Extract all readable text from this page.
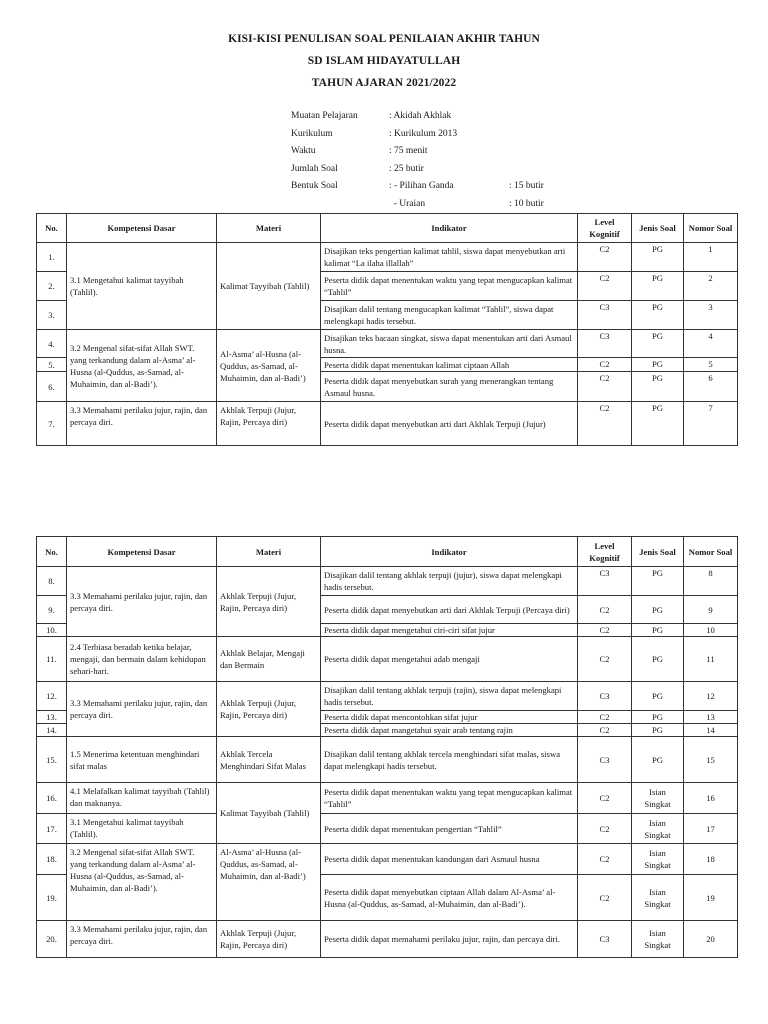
KISI-KISI PENULISAN SOAL PENILAIAN AKHIR TAHUN
SD ISLAM HIDAYATULLAH
TAHUN AJARAN 2021/2022
Muatan Pelajaran	: Akidah Akhlak
Kurikulum	: Kurikulum 2013
Waktu	: 75 menit
Jumlah Soal	: 25 butir
Bentuk Soal	: - Pilihan Ganda	: 15 butir
- Uraian	: 10 butir
No.	Kompetensi Dasar	Materi	Indikator	Level Kognitif	Jenis Soal	Nomor Soal
1.	3.1 Mengetahui kalimat tayyibah (Tahlil).	Kalimat Tayyibah (Tahlil)	Disajikan teks pengertian kalimat tahlil, siswa dapat menyebutkan arti kalimat “La ilaha illallah”	C2	PG	1
2.			Peserta didik dapat menentukan waktu yang tepat mengucapkan kalimat “Tahlil”	C2	PG	2
3.			Disajikan dalil tentang mengucapkan kalimat “Tahlil”, siswa dapat melengkapi hadis tersebut.	C3	PG	3
4.	3.2 Mengenal sifat-sifat Allah SWT. yang terkandung dalam al-Asma’ al-Husna (al-Quddus, as-Samad, al-Muhaimin, dan al-Badi’).	Al-Asma’ al-Husna (al-Quddus, as-Samad, al-Muhaimin, dan al-Badi’)	Disajikan teks bacaan singkat, siswa dapat menentukan arti dari Asmaul husna.	C3	PG	4
5.			Peserta didik dapat menentukan kalimat ciptaan Allah	C2	PG	5
6.			Peserta didik dapat menyebutkan surah yang menerangkan tentang Asmaul husna.	C2	PG	6
7.	3.3 Memahami perilaku jujur, rajin, dan percaya diri.	Akhlak Terpuji (Jujur, Rajin, Percaya diri)	Peserta didik dapat menyebutkan arti dari Akhlak Terpuji (Jujur)	C2	PG	7
No.	Kompetensi Dasar	Materi	Indikator	Level Kognitif	Jenis Soal	Nomor Soal
8.	3.3 Memahami perilaku jujur, rajin, dan percaya diri.	Akhlak Terpuji (Jujur, Rajin, Percaya diri)	Disajikan dalil tentang akhlak terpuji (jujur), siswa dapat melengkapi hadis tersebut.	C3	PG	8
9.			Peserta didik dapat menyebutkan arti dari Akhlak Terpuji (Percaya diri)	C2	PG	9
10.			Peserta didik dapat mengetahui ciri-ciri sifat jujur	C2	PG	10
11.	2.4 Terbiasa beradab ketika belajar, mengaji, dan bermain dalam kehidupan sehari-hari.	Akhlak Belajar, Mengaji dan Bermain	Peserta didik dapat mengetahui adab mengaji	C2	PG	11
12.	3.3 Memahami perilaku jujur, rajin, dan percaya diri.	Akhlak Terpuji (Jujur, Rajin, Percaya diri)	Disajikan dalil tentang akhlak terpuji (rajin), siswa dapat melengkapi hadis tersebut.	C3	PG	12
13.			Peserta didik dapat mencontohkan sifat jujur	C2	PG	13
14.			Peserta didik dapat mangetahui syair arab tentang rajin	C2	PG	14
15.	1.5 Menerima ketentuan menghindari sifat malas	Akhlak Tercela Menghindari Sifat Malas	Disajikan dalil tentang akhlak tercela menghindari sifat malas, siswa dapat melengkapi hadis tersebut.	C3	PG	15
16.	4.1 Melafalkan kalimat tayyibah (Tahlil) dan maknanya.	Kalimat Tayyibah (Tahlil)	Peserta didik dapat menentukan waktu yang tepat mengucapkan kalimat “Tahlil”	C2	Isian Singkat	16
17.	3.1 Mengetahui kalimat tayyibah (Tahlil).		Peserta didik dapat menentukan pengertian “Tahlil”	C2	Isian Singkat	17
18.	3.2 Mengenal sifat-sifat Allah SWT. yang terkandung dalam al-Asma’ al-Husna (al-Quddus, as-Samad, al-Muhaimin, dan al-Badi’).	Al-Asma’ al-Husna (al-Quddus, as-Samad, al-Muhaimin, dan al-Badi’)	Peserta didik dapat menentukan kandungan dari Asmaul husna	C2	Isian Singkat	18
19.			Peserta didik dapat menyebutkan ciptaan Allah dalam Al-Asma’ al-Husna (al-Quddus, as-Samad, al-Muhaimin, dan al-Badi’).	C2	Isian Singkat	19
20.	3.3 Memahami perilaku jujur, rajin, dan percaya diri.	Akhlak Terpuji (Jujur, Rajin, Percaya diri)	Peserta didik dapat memahami perilaku jujur, rajin, dan percaya diri.	C3	Isian Singkat	20
